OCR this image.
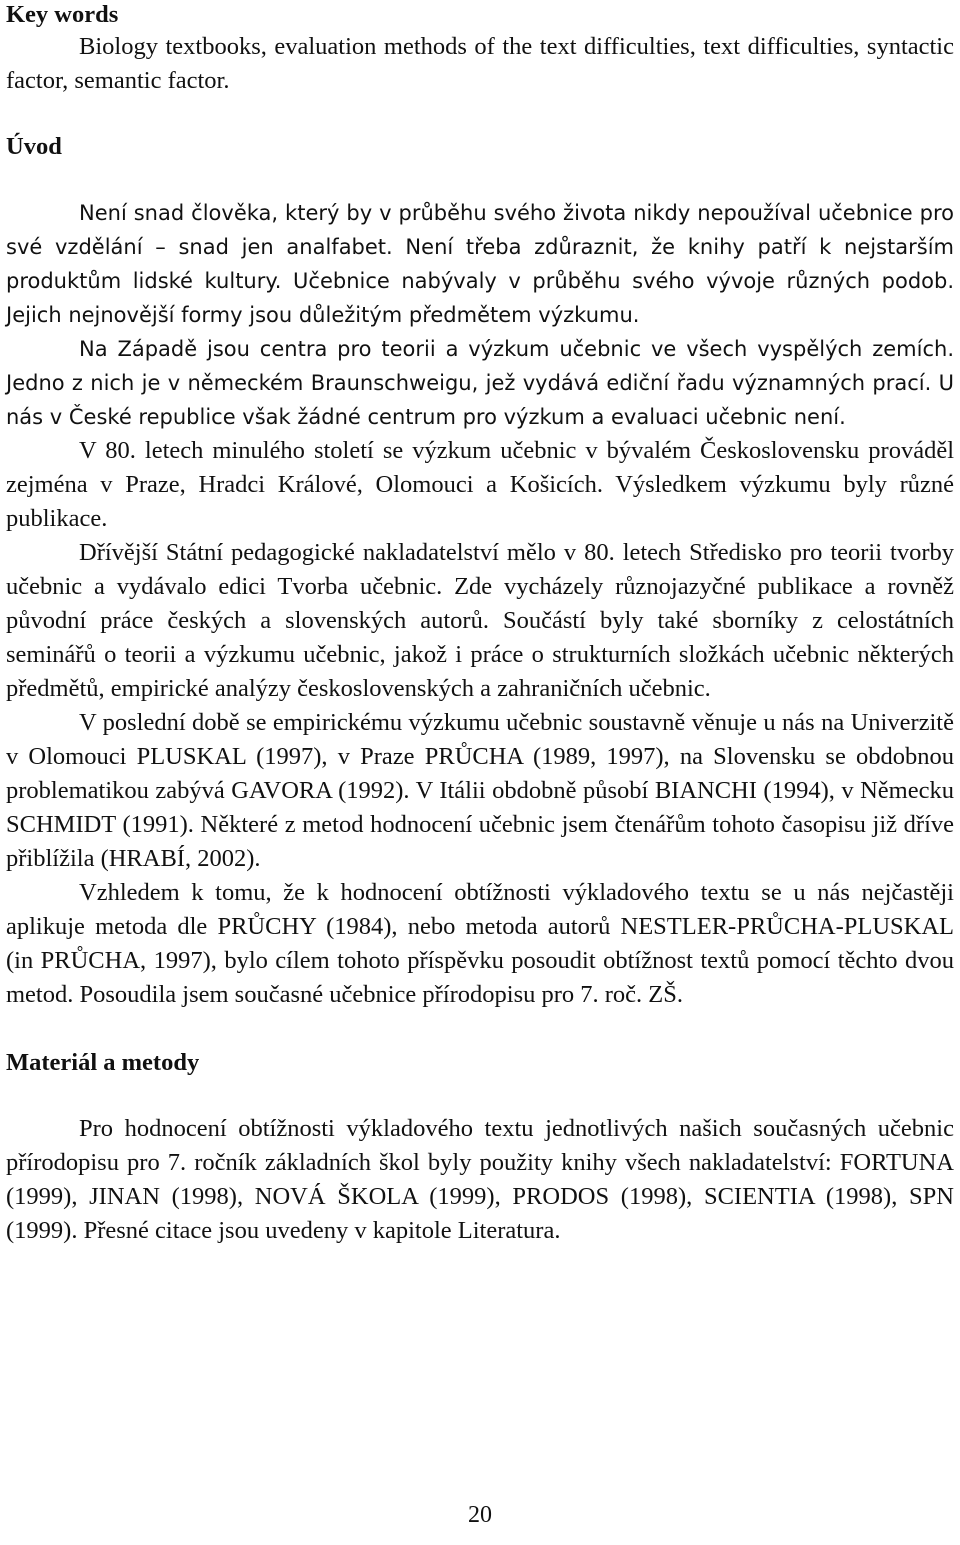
Key words

Biology textbooks, evaluation methods of the text difficulties, text difficulties, syntactic factor, semantic factor.

Úvod

Není snad člověka, který by v průběhu svého života nikdy nepoužíval učebnice pro své vzdělání – snad jen analfabet. Není třeba zdůraznit, že knihy patří k nejstarším produktům lidské kultury. Učebnice nabývaly v průběhu svého vývoje různých podob. Jejich nejnovější formy jsou důležitým předmětem výzkumu.

Na Západě jsou centra pro teorii a výzkum učebnic ve všech vyspělých zemích. Jedno z nich je v německém Braunschweigu, jež vydává ediční řadu významných prací. U nás v České republice však žádné centrum pro výzkum a evaluaci učebnic není.

V 80. letech minulého století se výzkum učebnic v bývalém Československu prováděl zejména v Praze, Hradci Králové, Olomouci a Košicích. Výsledkem výzkumu byly různé publikace.

Dřívější Státní pedagogické nakladatelství mělo v 80. letech Středisko pro teorii tvorby učebnic a vydávalo edici Tvorba učebnic. Zde vycházely různojazyčné publikace a rovněž původní práce českých a slovenských autorů. Součástí byly také sborníky z celostátních seminářů o teorii a výzkumu učebnic, jakož i práce o strukturních složkách učebnic některých předmětů, empirické analýzy československých a zahraničních učebnic.

V poslední době se empirickému výzkumu učebnic soustavně věnuje u nás na Univerzitě v Olomouci PLUSKAL (1997), v Praze PRŮCHA (1989, 1997), na Slovensku se obdobnou problematikou zabývá GAVORA (1992). V Itálii obdobně působí BIANCHI (1994), v Německu SCHMIDT (1991). Některé z metod hodnocení učebnic jsem čtenářům tohoto časopisu již dříve přiblížila (HRABÍ, 2002).

Vzhledem k tomu, že k hodnocení obtížnosti výkladového textu se u nás nejčastěji aplikuje metoda dle PRŮCHY (1984), nebo metoda autorů NESTLER-PRŮCHA-PLUSKAL (in PRŮCHA, 1997), bylo cílem tohoto příspěvku posoudit obtížnost textů pomocí těchto dvou metod. Posoudila jsem současné učebnice přírodopisu pro 7. roč. ZŠ.

Materiál a metody

Pro hodnocení obtížnosti výkladového textu jednotlivých našich současných učebnic přírodopisu pro 7. ročník základních škol byly použity knihy všech nakladatelství: FORTUNA (1999), JINAN (1998), NOVÁ ŠKOLA (1999), PRODOS (1998), SCIENTIA (1998), SPN (1999). Přesné citace jsou uvedeny v kapitole Literatura.

20
